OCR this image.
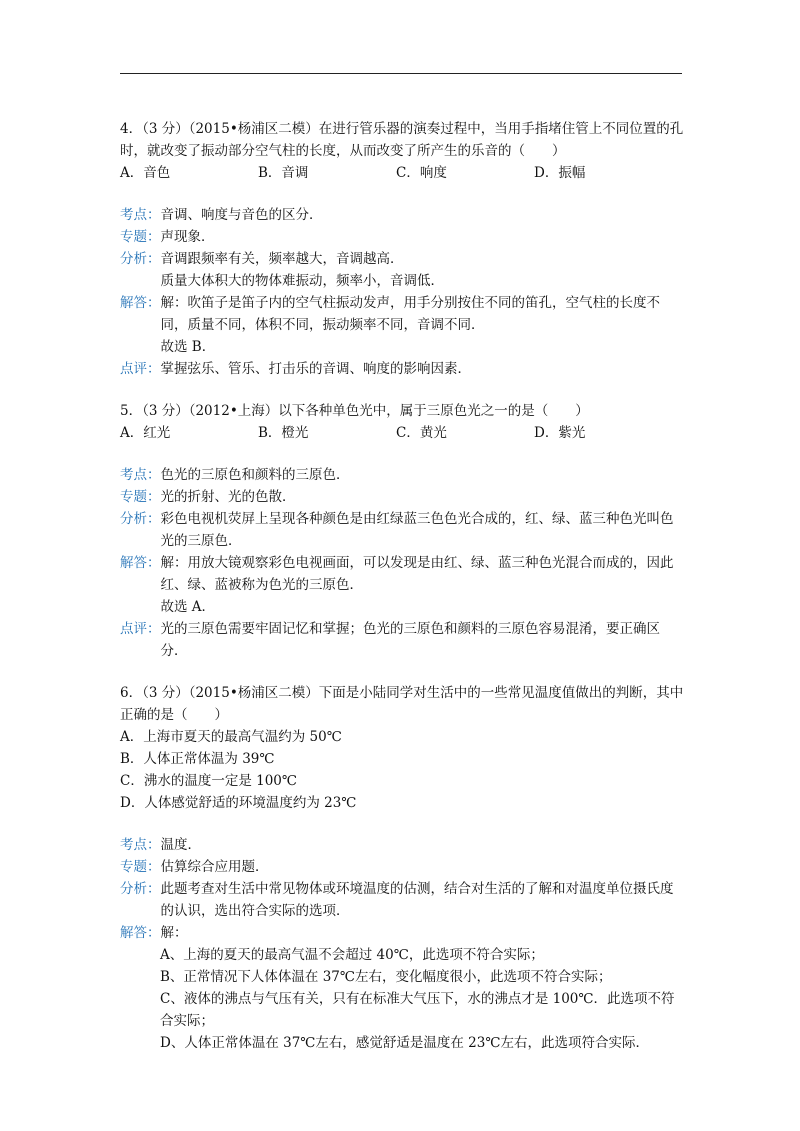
4．（3 分）（2015•杨浦区二模）在进行管乐器的演奏过程中，当用手指堵住管上不同位置的孔时，就改变了振动部分空气柱的长度，从而改变了所产生的乐音的（　　）

A．音色	B．音调	C．响度	D．振幅
考点： 音调、响度与音色的区分．
专题： 声现象．
分析： 音调跟频率有关，频率越大，音调越高．
质量大体积大的物体难振动，频率小，音调低．
解答： 解：吹笛子是笛子内的空气柱振动发声，用手分别按住不同的笛孔，空气柱的长度不同，质量不同，体积不同，振动频率不同，音调不同．
故选 B．
点评： 掌握弦乐、管乐、打击乐的音调、响度的影响因素．

5．（3 分）（2012•上海）以下各种单色光中，属于三原色光之一的是（　　）

A．红光	B．橙光	C．黄光	D．紫光
考点： 色光的三原色和颜料的三原色．
专题： 光的折射、光的色散．
分析： 彩色电视机荧屏上呈现各种颜色是由红绿蓝三色色光合成的，红、绿、蓝三种色光叫色光的三原色．
解答： 解：用放大镜观察彩色电视画面，可以发现是由红、绿、蓝三种色光混合而成的，因此红、绿、蓝被称为色光的三原色．
故选 A．
点评： 光的三原色需要牢固记忆和掌握；色光的三原色和颜料的三原色容易混淆，要正确区分．

6．（3 分）（2015•杨浦区二模）下面是小陆同学对生活中的一些常见温度值做出的判断，其中正确的是（　　）

A．上海市夏天的最高气温约为 50℃
B．人体正常体温为 39℃
C．沸水的温度一定是 100℃
D．人体感觉舒适的环境温度约为 23℃
考点： 温度．
专题： 估算综合应用题．
分析： 此题考查对生活中常见物体或环境温度的估测，结合对生活的了解和对温度单位摄氏度的认识，选出符合实际的选项．
解答： 解：
A、上海的夏天的最高气温不会超过 40℃，此选项不符合实际；
B、正常情况下人体体温在 37℃左右，变化幅度很小，此选项不符合实际；
C、液体的沸点与气压有关，只有在标准大气压下，水的沸点才是 100℃．此选项不符合实际；
D、人体正常体温在 37℃左右，感觉舒适是温度在 23℃左右，此选项符合实际．
